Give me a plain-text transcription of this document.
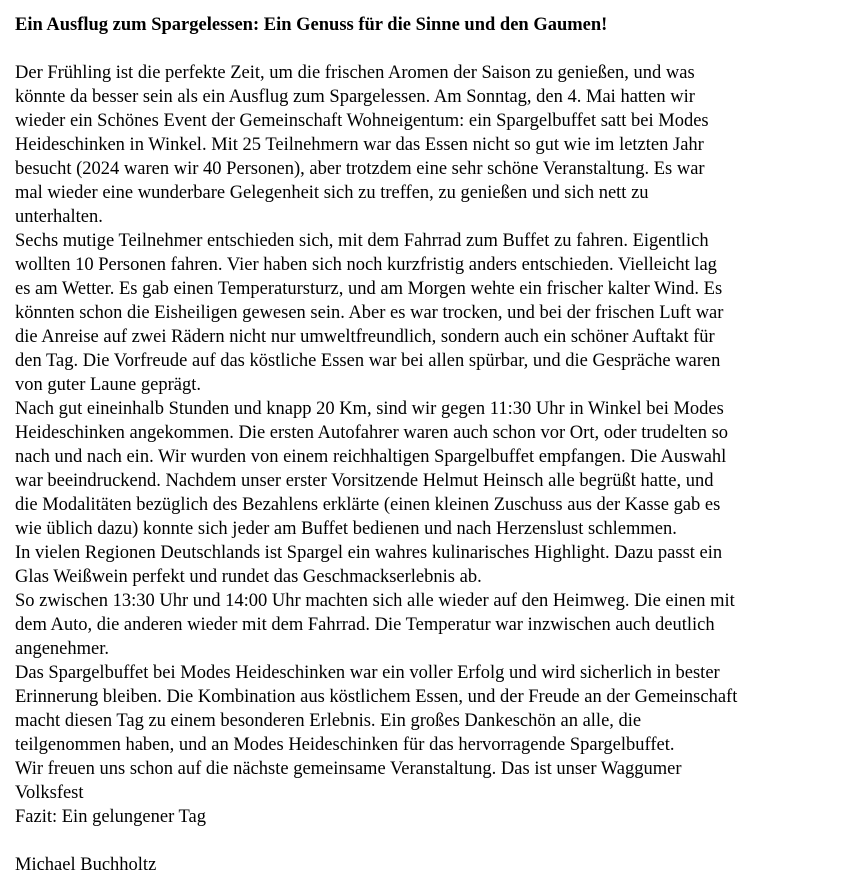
Ein Ausflug zum Spargelessen: Ein Genuss für die Sinne und den Gaumen!

Der Frühling ist die perfekte Zeit, um die frischen Aromen der Saison zu genießen, und was
könnte da besser sein als ein Ausflug zum Spargelessen. Am Sonntag, den 4. Mai hatten wir
wieder ein Schönes Event der Gemeinschaft Wohneigentum: ein Spargelbuffet satt bei Modes
Heideschinken in Winkel. Mit 25 Teilnehmern war das Essen nicht so gut wie im letzten Jahr
besucht (2024 waren wir 40 Personen), aber trotzdem eine sehr schöne Veranstaltung. Es war
mal wieder eine wunderbare Gelegenheit sich zu treffen, zu genießen und sich nett zu
unterhalten.

Sechs mutige Teilnehmer entschieden sich, mit dem Fahrrad zum Buffet zu fahren. Eigentlich
wollten 10 Personen fahren. Vier haben sich noch kurzfristig anders entschieden. Vielleicht lag
es am Wetter. Es gab einen Temperatursturz, und am Morgen wehte ein frischer kalter Wind. Es
könnten schon die Eisheiligen gewesen sein. Aber es war trocken, und bei der frischen Luft war
die Anreise auf zwei Rädern nicht nur umweltfreundlich, sondern auch ein schöner Auftakt für
den Tag. Die Vorfreude auf das köstliche Essen war bei allen spürbar, und die Gespräche waren
von guter Laune geprägt.

Nach gut eineinhalb Stunden und knapp 20 Km, sind wir gegen 11:30 Uhr in Winkel bei Modes
Heideschinken angekommen. Die ersten Autofahrer waren auch schon vor Ort, oder trudelten so
nach und nach ein. Wir wurden von einem reichhaltigen Spargelbuffet empfangen. Die Auswahl
war beeindruckend. Nachdem unser erster Vorsitzende Helmut Heinsch alle begrüßt hatte, und
die Modalitäten bezüglich des Bezahlens erklärte (einen kleinen Zuschuss aus der Kasse gab es
wie üblich dazu) konnte sich jeder am Buffet bedienen und nach Herzenslust schlemmen.

In vielen Regionen Deutschlands ist Spargel ein wahres kulinarisches Highlight. Dazu passt ein
Glas Weißwein perfekt und rundet das Geschmackserlebnis ab.

So zwischen 13:30 Uhr und 14:00 Uhr machten sich alle wieder auf den Heimweg. Die einen mit
dem Auto, die anderen wieder mit dem Fahrrad. Die Temperatur war inzwischen auch deutlich
angenehmer.

Das Spargelbuffet bei Modes Heideschinken war ein voller Erfolg und wird sicherlich in bester
Erinnerung bleiben. Die Kombination aus köstlichem Essen, und der Freude an der Gemeinschaft
macht diesen Tag zu einem besonderen Erlebnis. Ein großes Dankeschön an alle, die
teilgenommen haben, und an Modes Heideschinken für das hervorragende Spargelbuffet.

Wir freuen uns schon auf die nächste gemeinsame Veranstaltung. Das ist unser Waggumer
Volksfest

Fazit: Ein gelungener Tag

Michael Buchholtz
